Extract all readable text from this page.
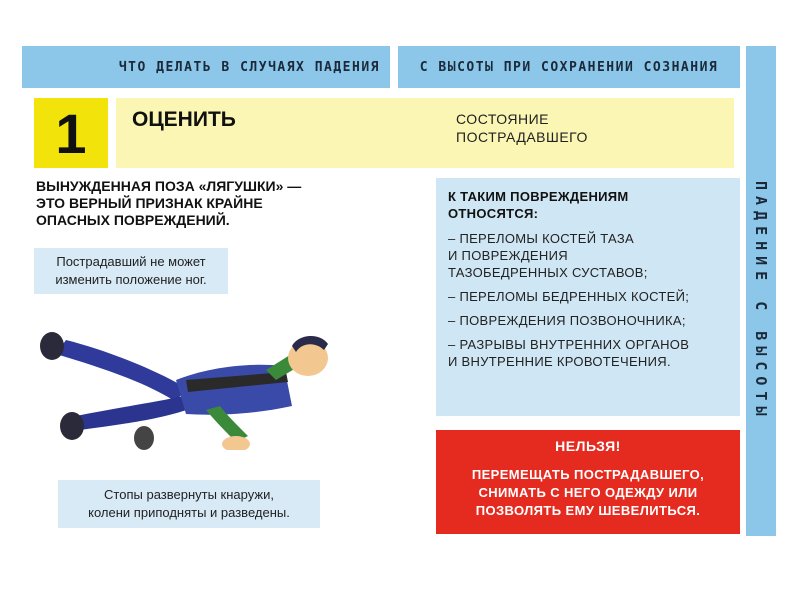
ЧТО ДЕЛАТЬ В СЛУЧАЯХ ПАДЕНИЯ	С ВЫСОТЫ ПРИ СОХРАНЕНИИ СОЗНАНИЯ
ПАДЕНИЕ С ВЫСОТЫ
1 ОЦЕНИТЬ	СОСТОЯНИЕ
ПОСТРАДАВШЕГО
ВЫНУЖДЕННАЯ ПОЗА «ЛЯГУШКИ» —
ЭТО ВЕРНЫЙ ПРИЗНАК КРАЙНЕ
ОПАСНЫХ ПОВРЕЖДЕНИЙ.
Пострадавший не может
изменить положение ног.
Стопы развернуты кнаружи,
колени приподняты и разведены.
К ТАКИМ ПОВРЕЖДЕНИЯМ
ОТНОСЯТСЯ:
– ПЕРЕЛОМЫ КОСТЕЙ ТАЗА
И ПОВРЕЖДЕНИЯ
ТАЗОБЕДРЕННЫХ СУСТАВОВ;
– ПЕРЕЛОМЫ БЕДРЕННЫХ КОСТЕЙ;
– ПОВРЕЖДЕНИЯ ПОЗВОНОЧНИКА;
– РАЗРЫВЫ ВНУТРЕННИХ ОРГАНОВ
И ВНУТРЕННИЕ КРОВОТЕЧЕНИЯ.
НЕЛЬЗЯ!
ПЕРЕМЕЩАТЬ ПОСТРАДАВШЕГО,
СНИМАТЬ С НЕГО ОДЕЖДУ ИЛИ
ПОЗВОЛЯТЬ ЕМУ ШЕВЕЛИТЬСЯ.
